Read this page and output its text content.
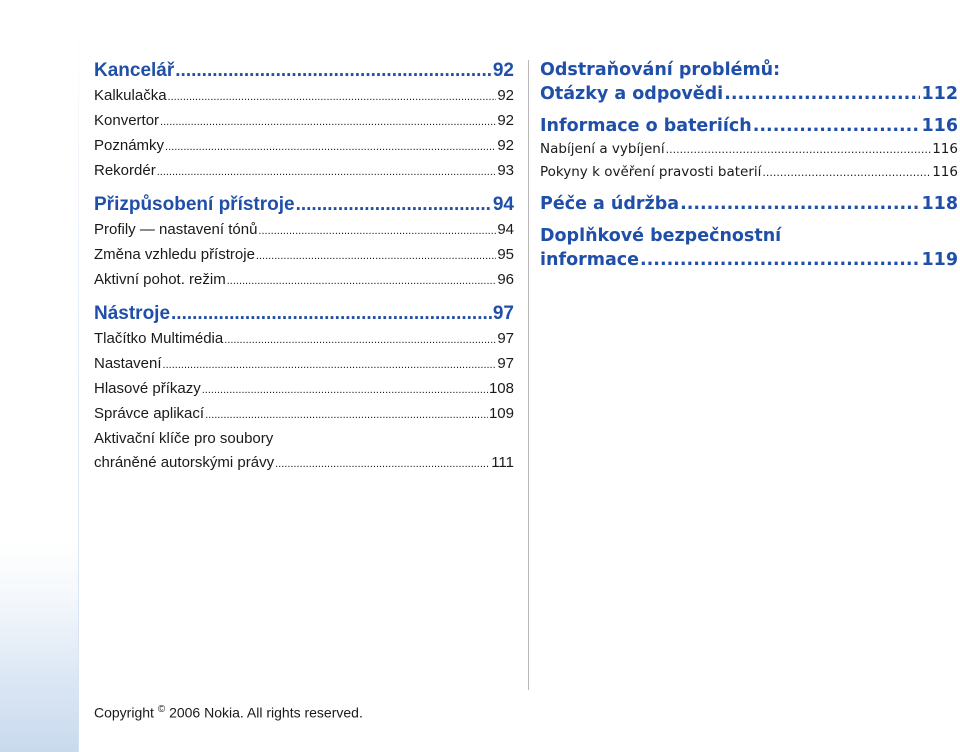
Kancelář .....	92
Kalkulačka .....	92
Konvertor .....	92
Poznámky .....	92
Rekordér .....	93
Přizpůsobení přístroje .....	94
Profily — nastavení tónů .....	94
Změna vzhledu přístroje .....	95
Aktivní pohot. režim .....	96
Nástroje .....	97
Tlačítko Multimédia .....	97
Nastavení .....	97
Hlasové příkazy .....	108
Správce aplikací .....	109
Aktivační klíče pro soubory
chráněné autorskými právy .....	111
Odstraňování problémů:
Otázky a odpovědi .....	112
Informace o bateriích .....	116
Nabíjení a vybíjení .....	116
Pokyny k ověření pravosti baterií .....	116
Péče a údržba .....	118
Doplňkové bezpečnostní
informace .....	119
Copyright © 2006 Nokia. All rights reserved.
